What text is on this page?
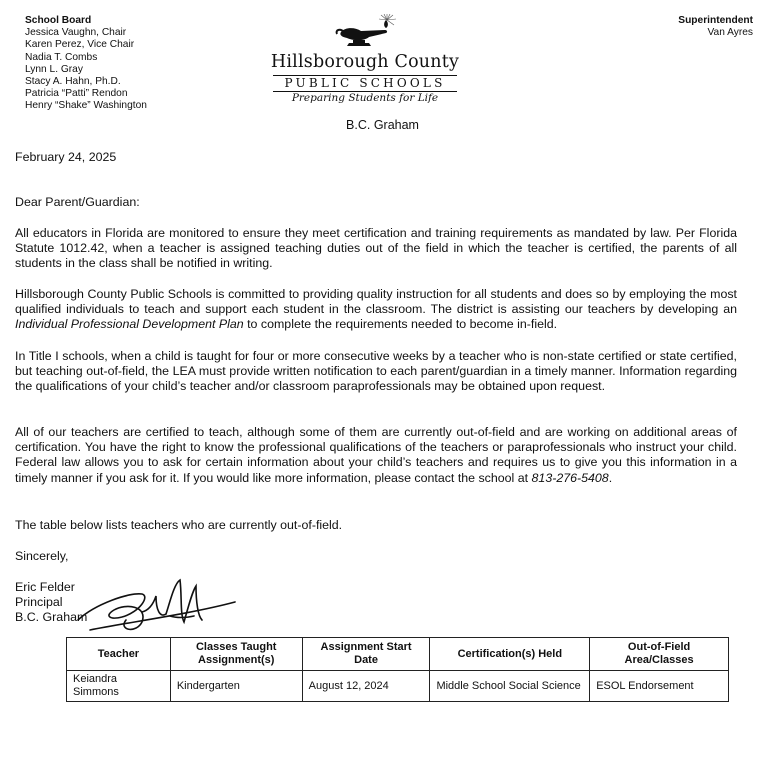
School Board
Jessica Vaughn, Chair
Karen Perez, Vice Chair
Nadia T. Combs
Lynn L. Gray
Stacy A. Hahn, Ph.D.
Patricia “Patti” Rendon
Henry “Shake” Washington
Superintendent
Van Ayres
Hillsborough County
PUBLIC SCHOOLS
Preparing Students for Life
B.C. Graham
February 24, 2025
Dear Parent/Guardian:

All educators in Florida are monitored to ensure they meet certification and training requirements as mandated by law. Per Florida Statute 1012.42, when a teacher is assigned teaching duties out of the field in which the teacher is certified, the parents of all students in the class shall be notified in writing.

Hillsborough County Public Schools is committed to providing quality instruction for all students and does so by employing the most qualified individuals to teach and support each student in the classroom. The district is assisting our teachers by developing an Individual Professional Development Plan to complete the requirements needed to become in-field.

In Title I schools, when a child is taught for four or more consecutive weeks by a teacher who is non-state certified or state certified, but teaching out-of-field, the LEA must provide written notification to each parent/guardian in a timely manner. Information regarding the qualifications of your child’s teacher and/or classroom paraprofessionals may be obtained upon request.

All of our teachers are certified to teach, although some of them are currently out-of-field and are working on additional areas of certification. You have the right to know the professional qualifications of the teachers or paraprofessionals who instruct your child. Federal law allows you to ask for certain information about your child’s teachers and requires us to give you this information in a timely manner if you ask for it. If you would like more information, please contact the school at 813-276-5408.

The table below lists teachers who are currently out-of-field.

Sincerely,
Eric Felder
Principal
B.C. Graham
Teacher	Classes Taught Assignment(s)	Assignment Start Date	Certification(s) Held	Out-of-Field Area/Classes
Keiandra Simmons	Kindergarten	August 12, 2024	Middle School Social Science	ESOL Endorsement
